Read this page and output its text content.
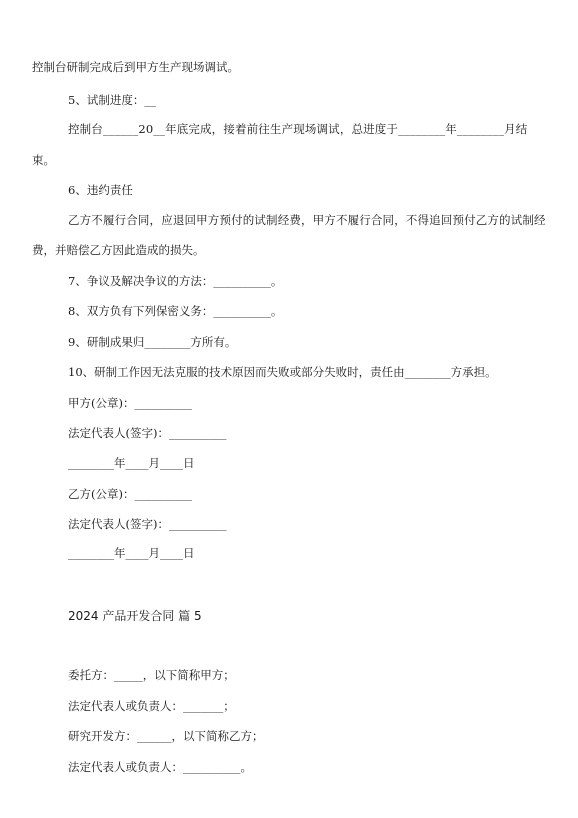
控制台研制完成后到甲方生产现场调试。

5、试制进度：__

控制台______20__年底完成，接着前往生产现场调试，总进度于________年________月结

束。

6、违约责任

乙方不履行合同，应退回甲方预付的试制经费，甲方不履行合同，不得追回预付乙方的试制经

费，并赔偿乙方因此造成的损失。

7、争议及解决争议的方法：__________。

8、双方负有下列保密义务：__________。

9、研制成果归________方所有。

10、研制工作因无法克服的技术原因而失败或部分失败时，责任由________方承担。

甲方(公章)：__________

法定代表人(签字)：__________

________年____月____日

乙方(公章)：__________

法定代表人(签字)：__________

________年____月____日

2024 产品开发合同 篇 5

委托方：_____，以下简称甲方；

法定代表人或负责人：_______；

研究开发方：______，以下简称乙方；

法定代表人或负责人：__________。
